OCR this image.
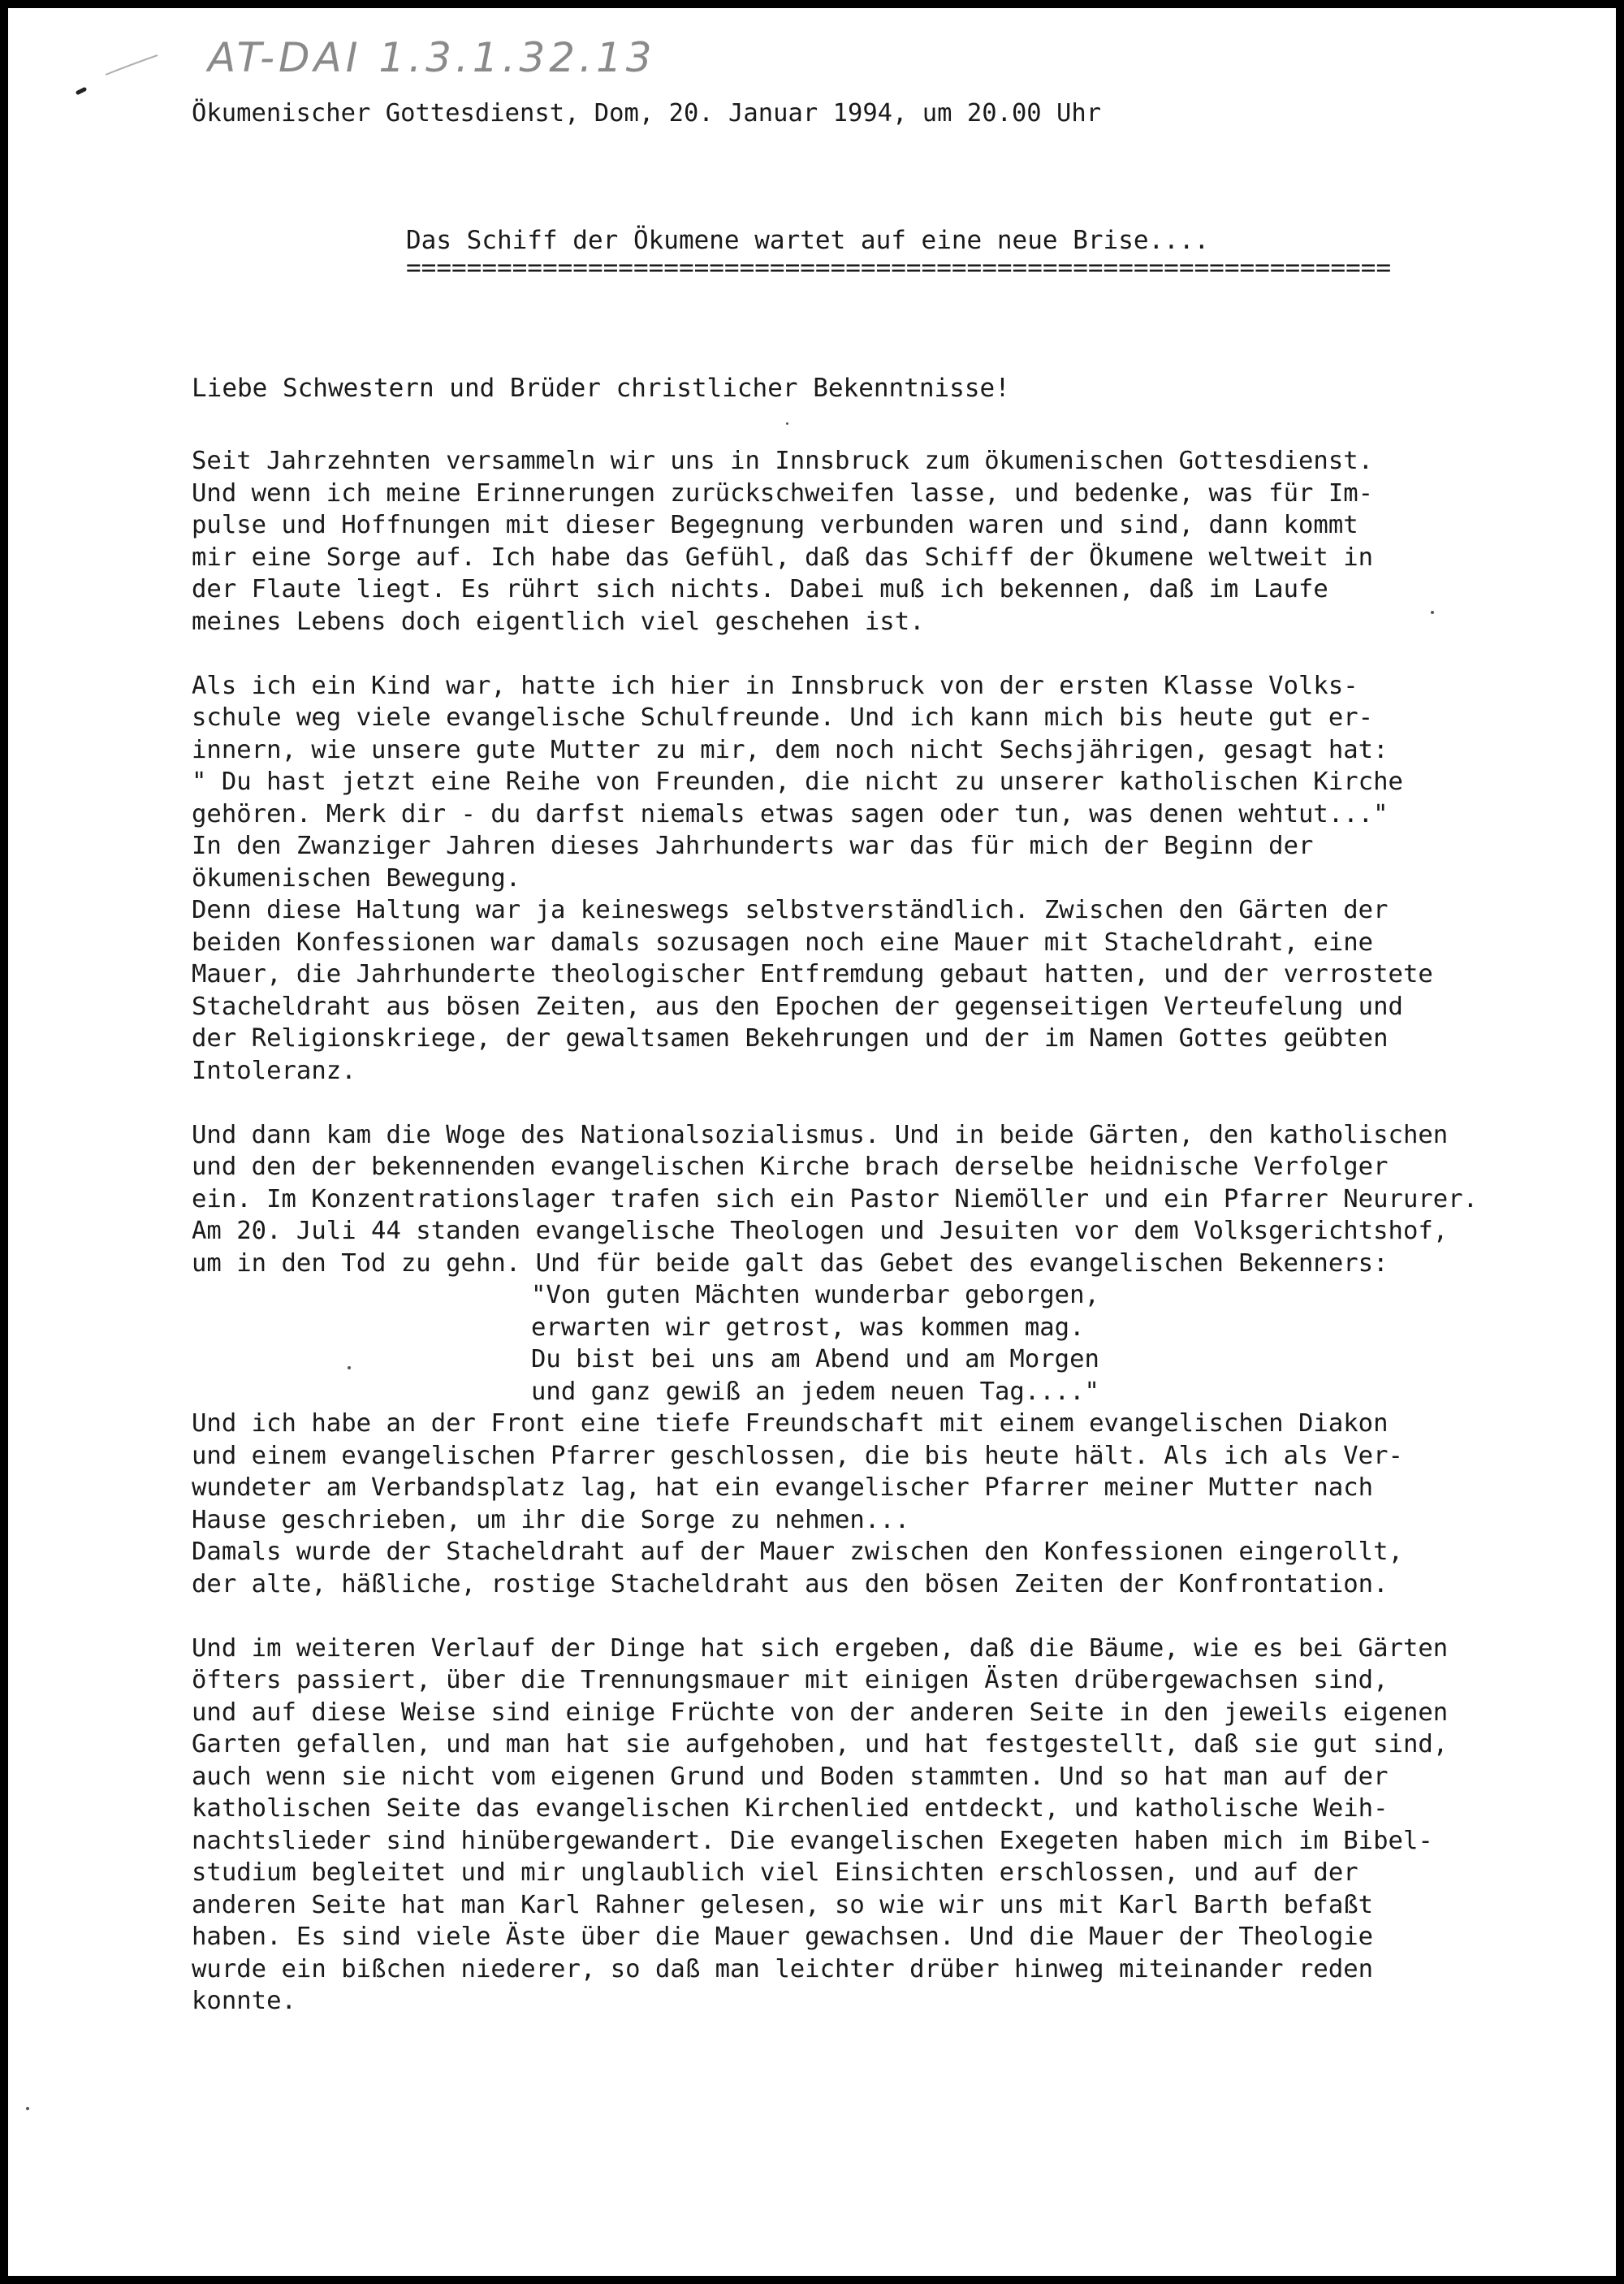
AT-DAI 1.3.1.32.13
Ökumenischer Gottesdienst, Dom, 20. Januar 1994, um 20.00 Uhr
Das Schiff der Ökumene wartet auf eine neue Brise....
=================================================================
Liebe Schwestern und Brüder christlicher Bekenntnisse!
Seit Jahrzehnten versammeln wir uns in Innsbruck zum ökumenischen Gottesdienst.
Und wenn ich meine Erinnerungen zurückschweifen lasse, und bedenke, was für Im-
pulse und Hoffnungen mit dieser Begegnung verbunden waren und sind, dann kommt
mir eine Sorge auf. Ich habe das Gefühl, daß das Schiff der Ökumene weltweit in
der Flaute liegt. Es rührt sich nichts. Dabei muß ich bekennen, daß im Laufe
meines Lebens doch eigentlich viel geschehen ist.
Als ich ein Kind war, hatte ich hier in Innsbruck von der ersten Klasse Volks-
schule weg viele evangelische Schulfreunde. Und ich kann mich bis heute gut er-
innern, wie unsere gute Mutter zu mir, dem noch nicht Sechsjährigen, gesagt hat:
" Du hast jetzt eine Reihe von Freunden, die nicht zu unserer katholischen Kirche
gehören. Merk dir - du darfst niemals etwas sagen oder tun, was denen wehtut..."
In den Zwanziger Jahren dieses Jahrhunderts war das für mich der Beginn der
ökumenischen Bewegung.
Denn diese Haltung war ja keineswegs selbstverständlich. Zwischen den Gärten der
beiden Konfessionen war damals sozusagen noch eine Mauer mit Stacheldraht, eine
Mauer, die Jahrhunderte theologischer Entfremdung gebaut hatten, und der verrostete
Stacheldraht aus bösen Zeiten, aus den Epochen der gegenseitigen Verteufelung und
der Religionskriege, der gewaltsamen Bekehrungen und der im Namen Gottes geübten
Intoleranz.
Und dann kam die Woge des Nationalsozialismus. Und in beide Gärten, den katholischen
und den der bekennenden evangelischen Kirche brach derselbe heidnische Verfolger
ein. Im Konzentrationslager trafen sich ein Pastor Niemöller und ein Pfarrer Neururer.
Am 20. Juli 44 standen evangelische Theologen und Jesuiten vor dem Volksgerichtshof,
um in den Tod zu gehn. Und für beide galt das Gebet des evangelischen Bekenners:
"Von guten Mächten wunderbar geborgen,
erwarten wir getrost, was kommen mag.
Du bist bei uns am Abend und am Morgen
und ganz gewiß an jedem neuen Tag...."
Und ich habe an der Front eine tiefe Freundschaft mit einem evangelischen Diakon
und einem evangelischen Pfarrer geschlossen, die bis heute hält. Als ich als Ver-
wundeter am Verbandsplatz lag, hat ein evangelischer Pfarrer meiner Mutter nach
Hause geschrieben, um ihr die Sorge zu nehmen...
Damals wurde der Stacheldraht auf der Mauer zwischen den Konfessionen eingerollt,
der alte, häßliche, rostige Stacheldraht aus den bösen Zeiten der Konfrontation.
Und im weiteren Verlauf der Dinge hat sich ergeben, daß die Bäume, wie es bei Gärten
öfters passiert, über die Trennungsmauer mit einigen Ästen drübergewachsen sind,
und auf diese Weise sind einige Früchte von der anderen Seite in den jeweils eigenen
Garten gefallen, und man hat sie aufgehoben, und hat festgestellt, daß sie gut sind,
auch wenn sie nicht vom eigenen Grund und Boden stammten. Und so hat man auf der
katholischen Seite das evangelischen Kirchenlied entdeckt, und katholische Weih-
nachtslieder sind hinübergewandert. Die evangelischen Exegeten haben mich im Bibel-
studium begleitet und mir unglaublich viel Einsichten erschlossen, und auf der
anderen Seite hat man Karl Rahner gelesen, so wie wir uns mit Karl Barth befaßt
haben. Es sind viele Äste über die Mauer gewachsen. Und die Mauer der Theologie
wurde ein bißchen niederer, so daß man leichter drüber hinweg miteinander reden
konnte.
